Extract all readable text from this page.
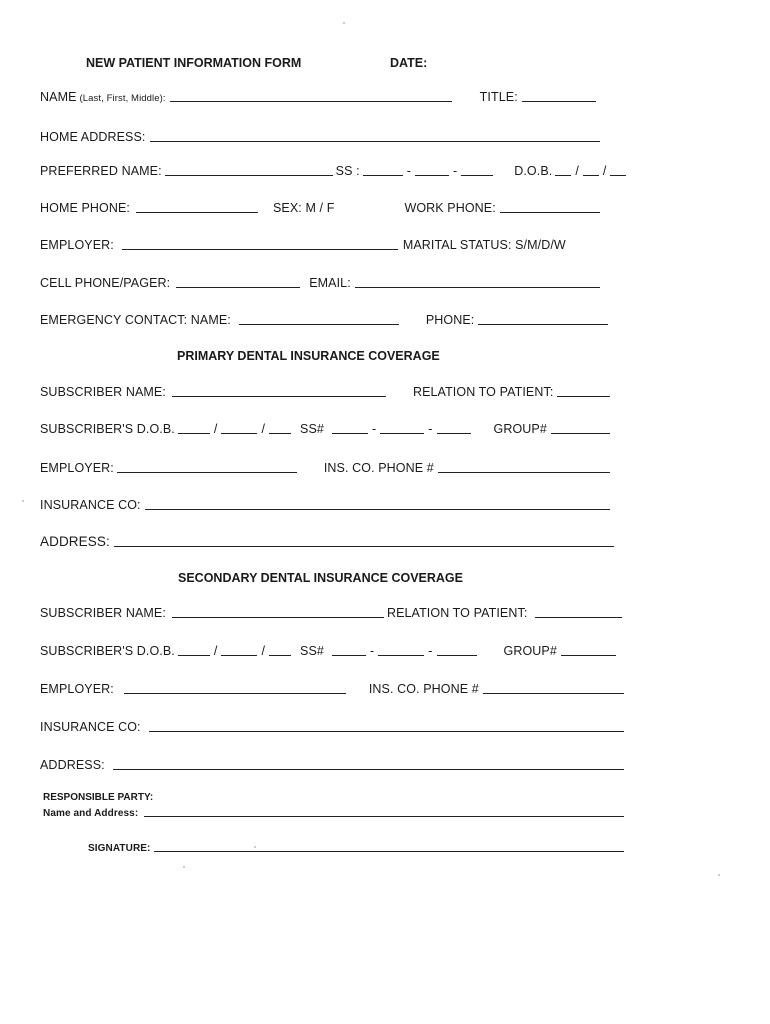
NEW PATIENT INFORMATION FORM	DATE:
NAME (Last, First, Middle):	TITLE:
HOME ADDRESS:
PREFERRED NAME:	SS :	-	-	D.O.B. / /
HOME PHONE:	SEX: M / F	WORK PHONE:
EMPLOYER:	MARITAL STATUS: S/M/D/W
CELL PHONE/PAGER:	EMAIL:
EMERGENCY CONTACT: NAME:	PHONE:
PRIMARY DENTAL INSURANCE COVERAGE
SUBSCRIBER NAME:	RELATION TO PATIENT:
SUBSCRIBER'S D.O.B.	/	/	SS#	-	-	GROUP#
EMPLOYER:	INS. CO. PHONE #
INSURANCE CO:
ADDRESS:
SECONDARY DENTAL INSURANCE COVERAGE
SUBSCRIBER NAME:	RELATION TO PATIENT:
SUBSCRIBER'S D.O.B.	/	/	SS#	-	-	GROUP#
EMPLOYER:	INS. CO. PHONE #
INSURANCE CO:
ADDRESS:
RESPONSIBLE PARTY:
Name and Address:
SIGNATURE:
